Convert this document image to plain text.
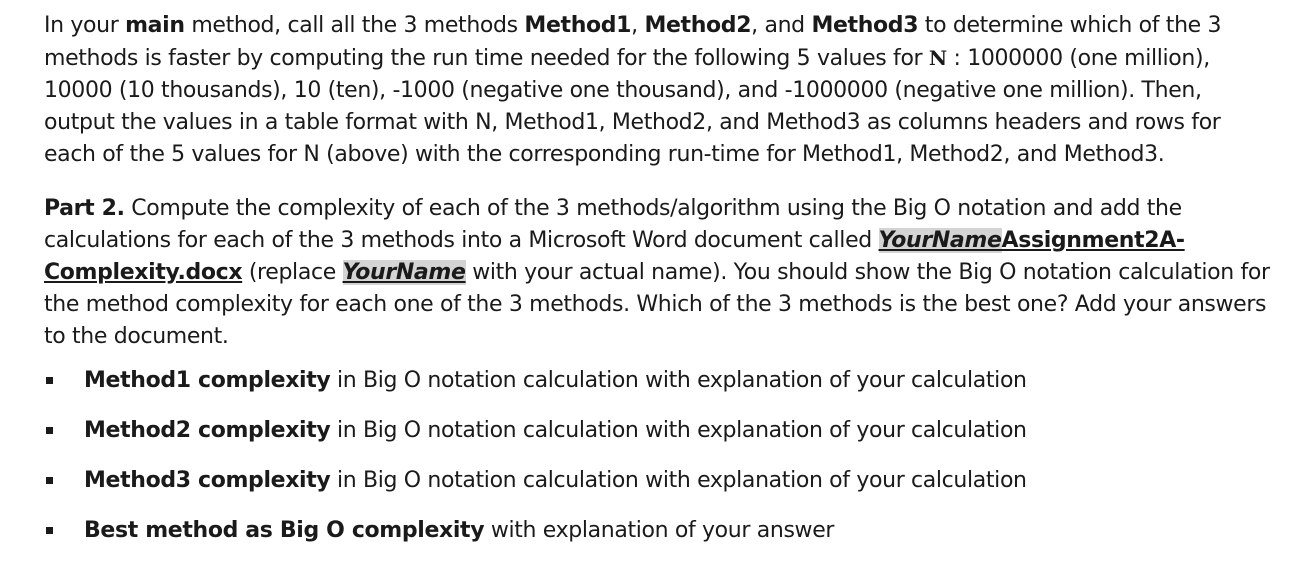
In your main method, call all the 3 methods Method1, Method2, and Method3 to determine which of the 3 methods is faster by computing the run time needed for the following 5 values for N : 1000000 (one million), 10000 (10 thousands), 10 (ten), -1000 (negative one thousand), and -1000000 (negative one million). Then, output the values in a table format with N, Method1, Method2, and Method3 as columns headers and rows for each of the 5 values for N (above) with the corresponding run-time for Method1, Method2, and Method3.

Part 2. Compute the complexity of each of the 3 methods/algorithm using the Big O notation and add the calculations for each of the 3 methods into a Microsoft Word document called YourNameAssignment2A-Complexity.docx (replace YourName with your actual name). You should show the Big O notation calculation for the method complexity for each one of the 3 methods. Which of the 3 methods is the best one? Add your answers to the document.

Method1 complexity in Big O notation calculation with explanation of your calculation
Method2 complexity in Big O notation calculation with explanation of your calculation
Method3 complexity in Big O notation calculation with explanation of your calculation
Best method as Big O complexity with explanation of your answer
